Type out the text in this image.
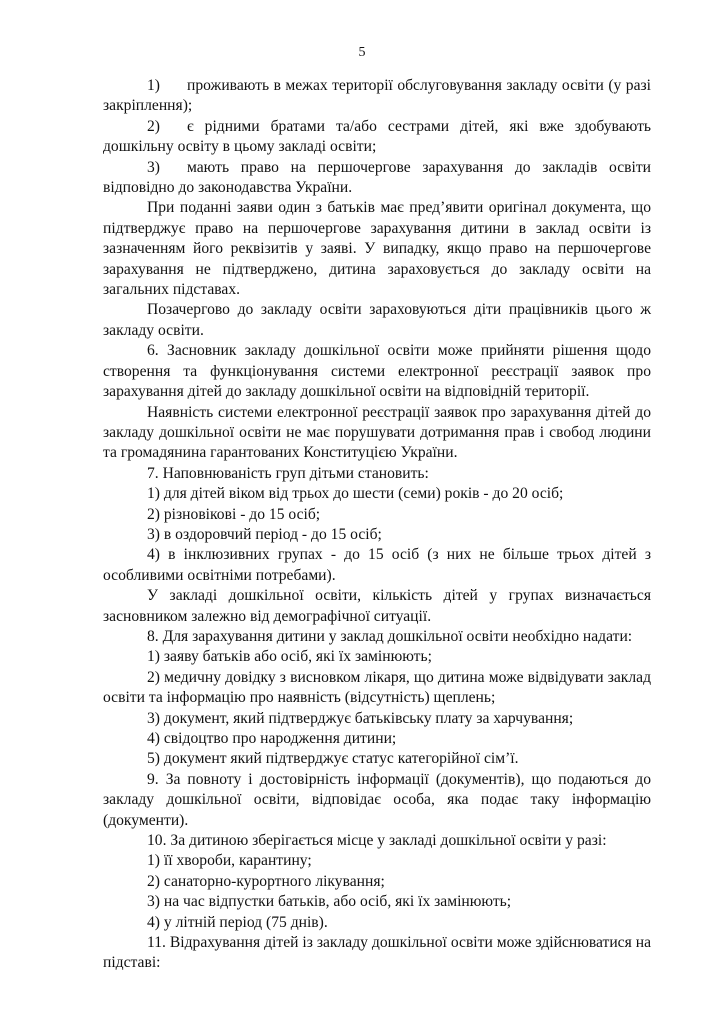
5

1) проживають в межах території обслуговування закладу освіти (у разі закріплення);

2) є рідними братами та/або сестрами дітей, які вже здобувають дошкільну освіту в цьому закладі освіти;

3) мають право на першочергове зарахування до закладів освіти відповідно до законодавства України.

При поданні заяви один з батьків має пред’явити оригінал документа, що підтверджує право на першочергове зарахування дитини в заклад освіти із зазначенням його реквізитів у заяві. У випадку, якщо право на першочергове зарахування не підтверджено, дитина зараховується до закладу освіти на загальних підставах.

Позачергово до закладу освіти зараховуються діти працівників цього ж закладу освіти.

6. Засновник закладу дошкільної освіти може прийняти рішення щодо створення та функціонування системи електронної реєстрації заявок про зарахування дітей до закладу дошкільної освіти на відповідній території.

Наявність системи електронної реєстрації заявок про зарахування дітей до закладу дошкільної освіти не має порушувати дотримання прав і свобод людини та громадянина гарантованих Конституцією України.

7. Наповнюваність груп дітьми становить:

1) для дітей віком від трьох до шести (семи) років - до 20 осіб;

2) різновікові - до 15 осіб;

3) в оздоровчий період - до 15 осіб;

4) в інклюзивних групах - до 15 осіб (з них не більше трьох дітей з особливими освітніми потребами).

У закладі дошкільної освіти, кількість дітей у групах визначається засновником залежно від демографічної ситуації.

8. Для зарахування дитини у заклад дошкільної освіти необхідно надати:

1) заяву батьків або осіб, які їх замінюють;

2) медичну довідку з висновком лікаря, що дитина може відвідувати заклад освіти та інформацію про наявність (відсутність) щеплень;

3) документ, який підтверджує батьківську плату за харчування;

4) свідоцтво про народження дитини;

5) документ який підтверджує статус категорійної сім’ї.

9. За повноту і достовірність інформації (документів), що подаються до закладу дошкільної освіти, відповідає особа, яка подає таку інформацію (документи).

10. За дитиною зберігається місце у закладі дошкільної освіти у разі:

1) її хвороби, карантину;

2) санаторно-курортного лікування;

3) на час відпустки батьків, або осіб, які їх замінюють;

4) у літній період (75 днів).

11. Відрахування дітей із закладу дошкільної освіти може здійснюватися на підставі:
